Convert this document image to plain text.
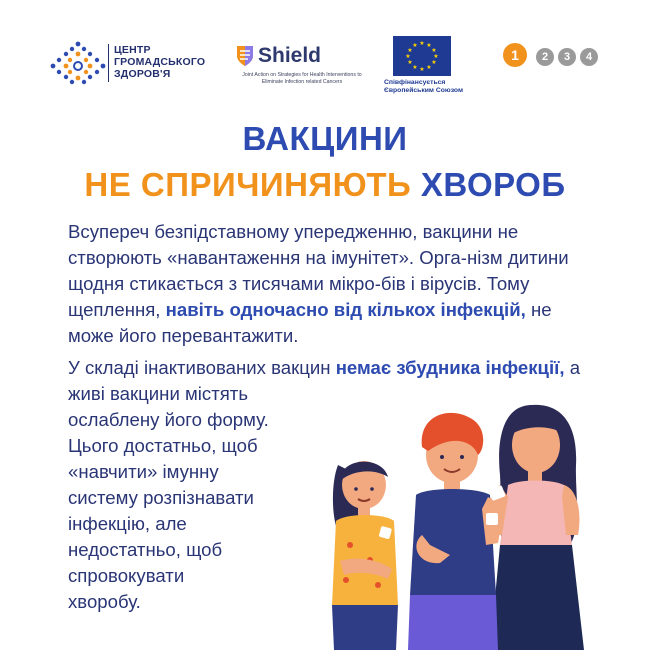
ЦЕНТР
ГРОМАДСЬКОГО
ЗДОРОВ'Я
Shield
Joint Action on Strategies for Health Interventions to Eliminate Infection related Cancers
★ ★
★
★
★
★
★
★
★
★
★
★
Співфінансується
Європейським Союзом
1	2	3	4
ВАКЦИНИ
НЕ СПРИЧИНЯЮТЬ ХВОРОБ
Всупереч безпідставному упередженню, вакцини не створюють «навантаження на імунітет». Орга-нізм дитини щодня стикається з тисячами мікро-бів і вірусів. Тому щеплення, навіть одночасно від кількох інфекцій, не може його перевантажити.
У складі інактивованих вакцин немає збудника інфекції, а живі вакцини містять
ослаблену його форму.
Цього достатньо, щоб
«навчити» імунну
систему розпізнавати
інфекцію, але
недостатньо, щоб
спровокувати
хворобу.
